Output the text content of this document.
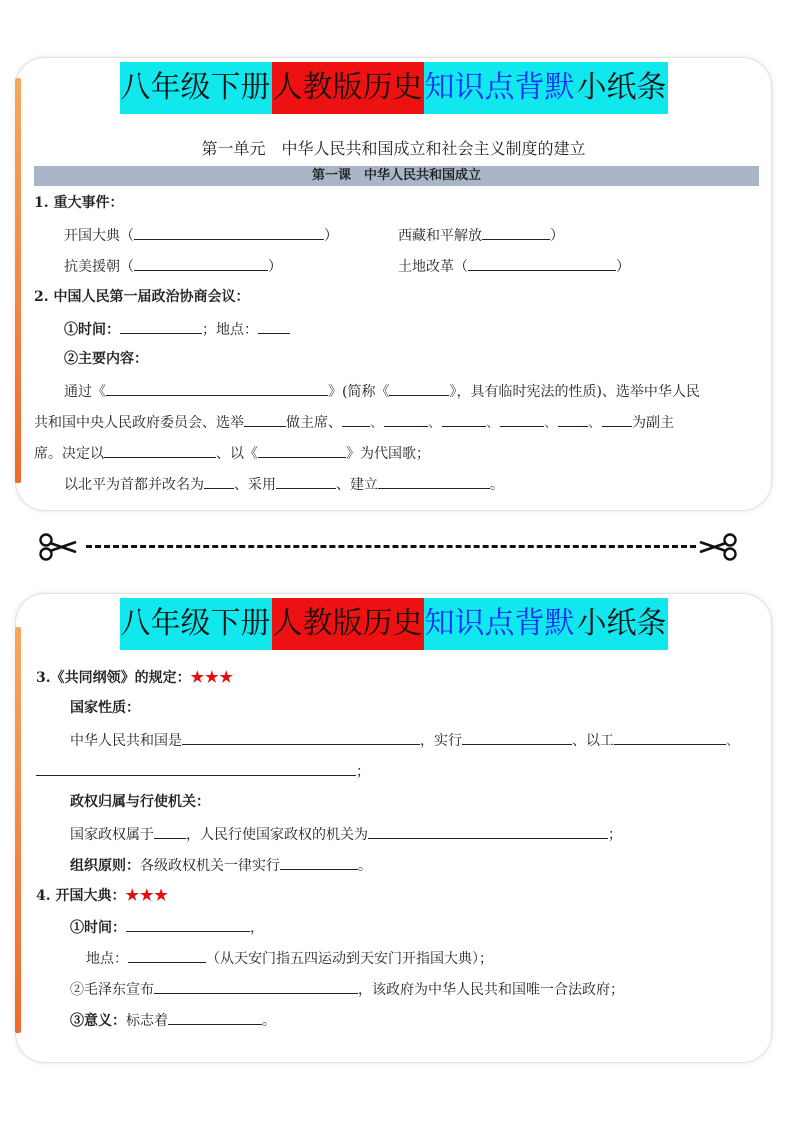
八年级下册 人教版历史 知识点背默 小纸条
第一单元　中华人民共和国成立和社会主义制度的建立
第一课　中华人民共和国成立
1. 重大事件：
开国大典（	）	西藏和平解放	）
抗美援朝（	）	土地改革（	）
2. 中国人民第一届政治协商会议：
①时间：	；地点：
②主要内容：
通过《	》(简称《	》，具有临时宪法的性质)、选举中华人民
共和国中央人民政府委员会、选举	做主席、 、	、	、	、 、 为副主
席。决定以	、以《	》为代国歌；
以北平为首都并改名为 、采用	、建立	。
八年级下册 人教版历史 知识点背默 小纸条
3.《共同纲领》的规定：★★★
国家性质：
中华人民共和国是	，实行	、以工	、
；
政权归属与行使机关：
国家政权属于 ，人民行使国家政权的机关为	；
组织原则：各级政权机关一律实行	。
4. 开国大典：★★★
①时间：	，
地点：	（从天安门指五四运动到天安门开指国大典）；
②毛泽东宣布	，该政府为中华人民共和国唯一合法政府；
③意义：标志着	。
